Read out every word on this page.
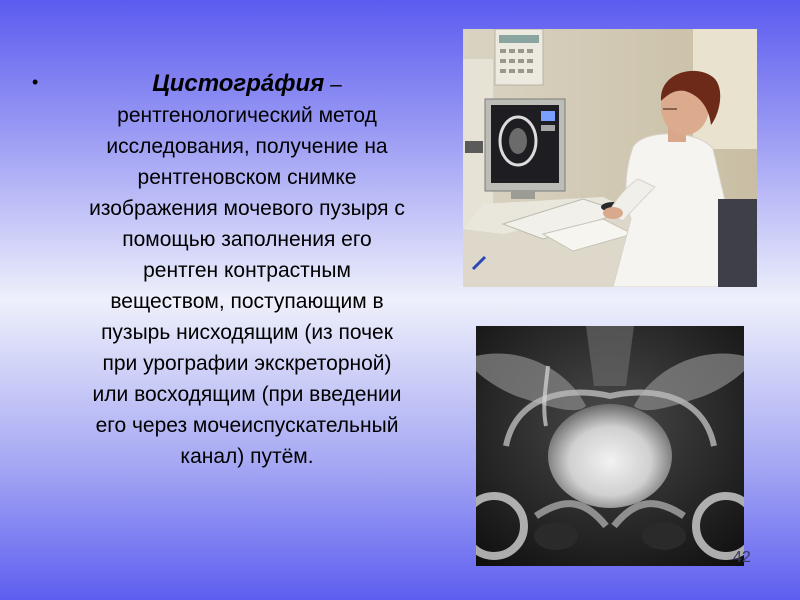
•	Цистогра́фия –
рентгенологический метод
исследования, получение на
рентгеновском снимке
изображения мочевого пузыря с
помощью заполнения его
рентген контрастным
веществом, поступающим в
пузырь нисходящим (из почек
при урографии экскреторной)
или восходящим (при введении
его через мочеиспускательный
канал) путём.
42
